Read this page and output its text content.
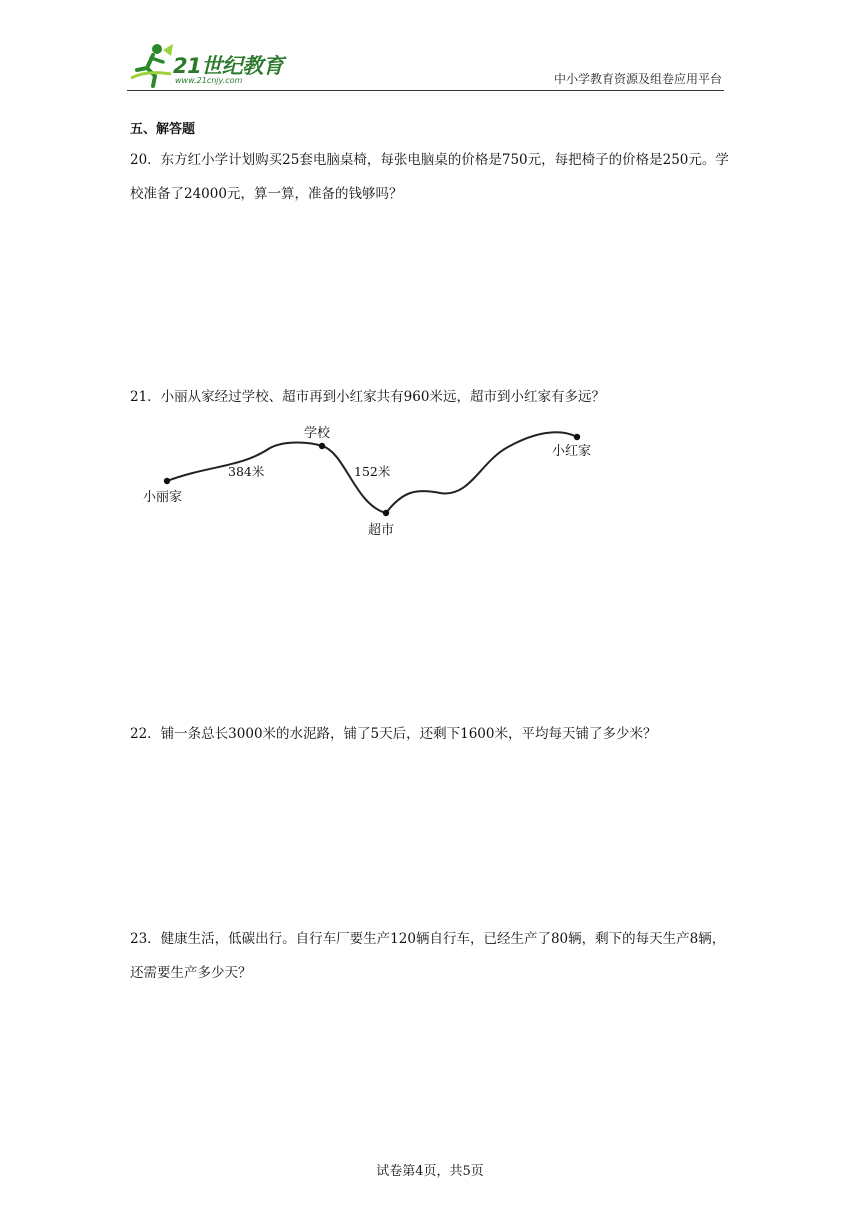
21世纪教育
www.21cnjy.com	中小学教育资源及组卷应用平台
五、解答题
20．东方红小学计划购买25套电脑桌椅，每张电脑桌的价格是750元，每把椅子的价格是250元。学校准备了24000元，算一算，准备的钱够吗？
21．小丽从家经过学校、超市再到小红家共有960米远，超市到小红家有多远？
小丽家
学校
超市
小红家
384米	152米
22．铺一条总长3000米的水泥路，铺了5天后，还剩下1600米，平均每天铺了多少米？
23．健康生活，低碳出行。自行车厂要生产120辆自行车，已经生产了80辆，剩下的每天生产8辆，还需要生产多少天？
试卷第4页，共5页
